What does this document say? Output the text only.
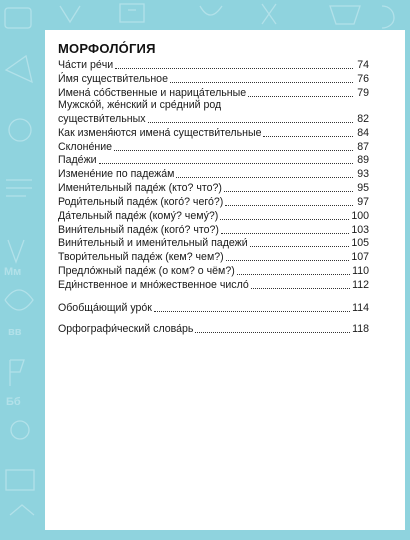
Мм
вв
Бб
МОРФОЛО́ГИЯ
Ча́сти ре́чи	74
И́мя существи́тельное	76
Имена́ со́бственные и нарица́тельные	79
Мужско́й, же́нский и сре́дний род
существи́тельных	82
Как изменя́ются имена́ существи́тельные	84
Склоне́ние	87
Паде́жи	89
Измене́ние по падежа́м	93
Имени́тельный паде́ж (кто? что?)	95
Роди́тельный паде́ж (кого́? чего́?)	97
Да́тельный паде́ж (кому́? чему́?)	100
Вини́тельный паде́ж (кого́? что?)	103
Вини́тельный и имени́тельный падежи́	105
Твори́тельный паде́ж (кем? чем?)	107
Предло́жный паде́ж (о ком? о чём?)	110
Еди́нственное и мно́жественное число́	112
Обобща́ющий уро́к	114
Орфографи́ческий слова́рь	118
